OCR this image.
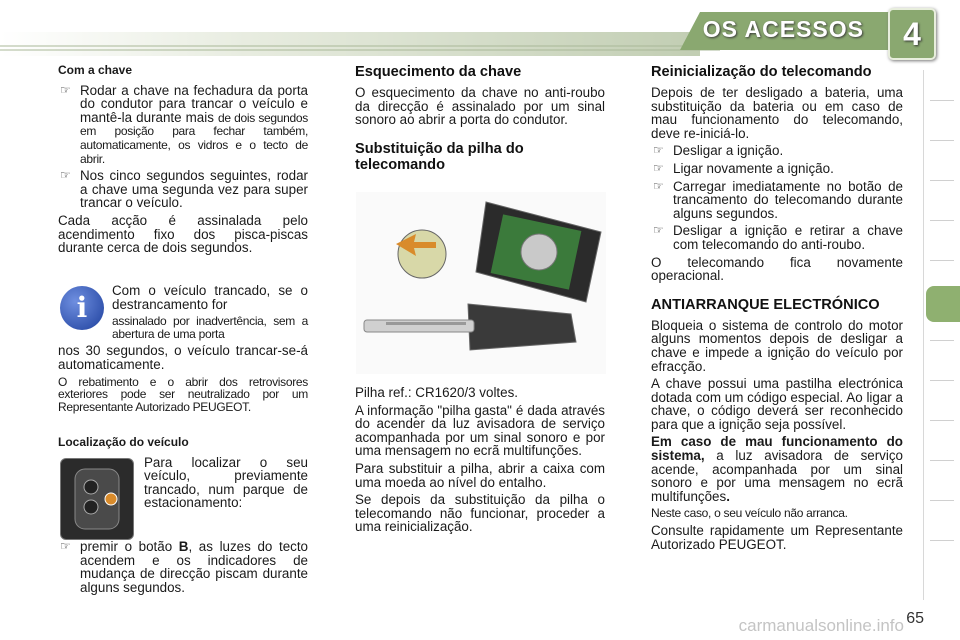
OS ACESSOS	4
Com a chave
☞ Rodar a chave na fechadura da porta do condutor para trancar o veículo e mantê-la durante mais de dois segundos em posição para fechar também, automaticamente, os vidros e o tecto de abrir.
☞ Nos cinco segundos seguintes, rodar a chave uma segunda vez para super trancar o veículo.

Cada acção é assinalada pelo acendimento fixo dos pisca-piscas durante cerca de dois segundos.

i

Com o veículo trancado, se o destrancamento for

assinalado por inadvertência, sem a abertura de uma porta

nos 30 segundos, o veículo trancar-se-á automaticamente.

O rebatimento e o abrir dos retrovisores exteriores pode ser neutralizado por um Representante Autorizado PEUGEOT.

Localização do veículo

Para localizar o seu veículo, previamente trancado, num parque de estacionamento:

☞ premir o botão B, as luzes do tecto acendem e os indicadores de mudança de direcção piscam durante alguns segundos.
Esquecimento da chave

O esquecimento da chave no anti-roubo da direcção é assinalado por um sinal sonoro ao abrir a porta do condutor.

Substituição da pilha do telecomando

Pilha ref.: CR1620/3 voltes.

A informação "pilha gasta" é dada através do acender da luz avisadora de serviço acompanhada por um sinal sonoro e por uma mensagem no ecrã multifunções.

Para substituir a pilha, abrir a caixa com uma moeda ao nível do entalho.

Se depois da substituição da pilha o telecomando não funcionar, proceder a uma reinicialização.

Reinicialização do telecomando

Depois de ter desligado a bateria, uma substituição da bateria ou em caso de mau funcionamento do telecomando, deve re-iniciá-lo.

☞ Desligar a ignição.
☞ Ligar novamente a ignição.
☞ Carregar imediatamente no botão de trancamento do telecomando durante alguns segundos.
☞ Desligar a ignição e retirar a chave com telecomando do anti-roubo.

O telecomando fica novamente operacional.

ANTIARRANQUE ELECTRÓNICO

Bloqueia o sistema de controlo do motor alguns momentos depois de desligar a chave e impede a ignição do veículo por efracção.

A chave possui uma pastilha electrónica dotada com um código especial. Ao ligar a chave, o código deverá ser reconhecido para que a ignição seja possível.

Em caso de mau funcionamento do sistema, a luz avisadora de serviço acende, acompanhada por um sinal sonoro e por uma mensagem no ecrã multifunções.

Neste caso, o seu veículo não arranca.

Consulte rapidamente um Representante Autorizado PEUGEOT.

carmanualsonline.info 65
